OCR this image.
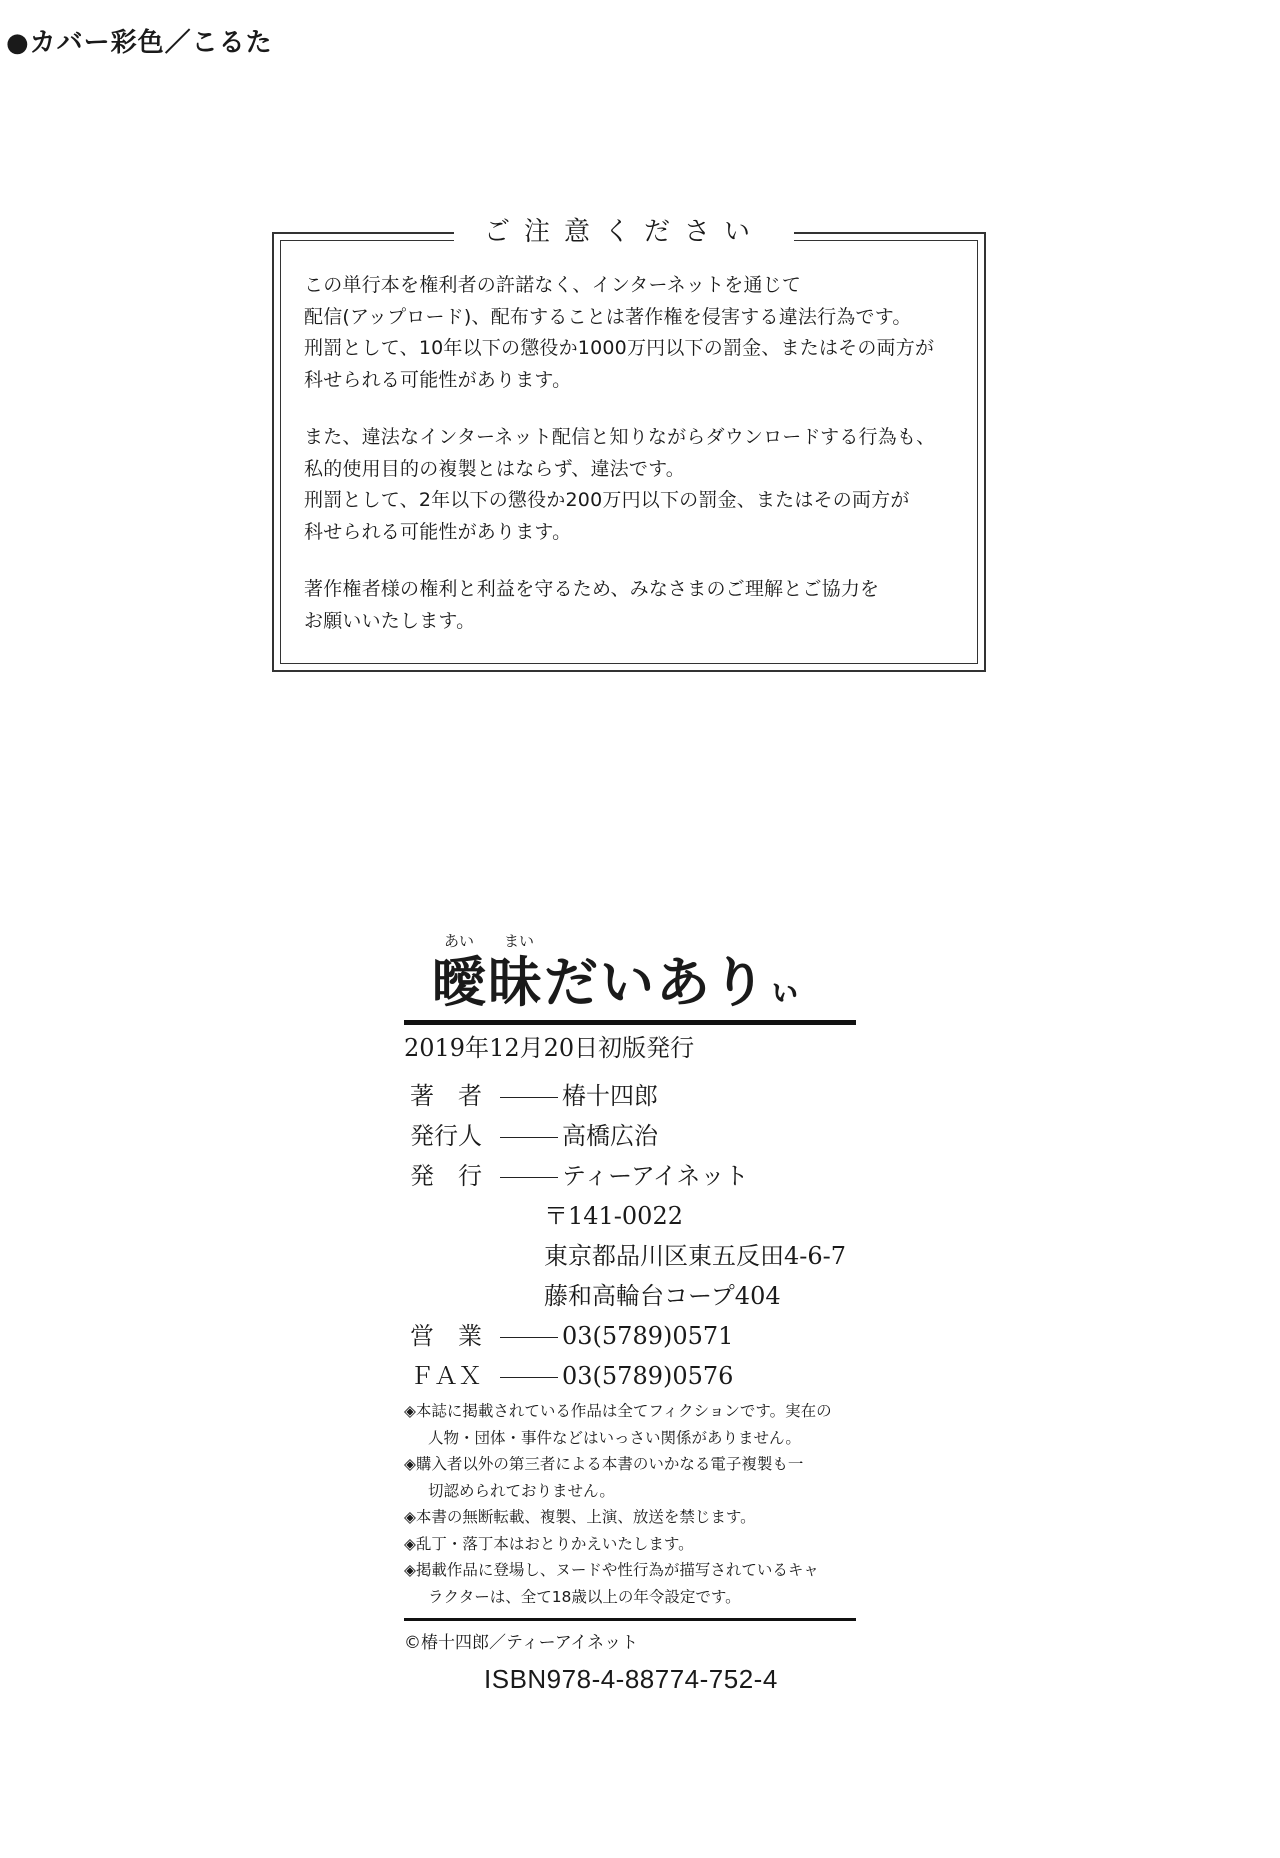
●カバー彩色／こるた
ご注意ください

この単行本を権利者の許諾なく、インターネットを通じて
配信(アップロード)、配布することは著作権を侵害する違法行為です。
刑罰として、10年以下の懲役か1000万円以下の罰金、またはその両方が
科せられる可能性があります。

また、違法なインターネット配信と知りながらダウンロードする行為も、
私的使用目的の複製とはならず、違法です。
刑罰として、2年以下の懲役か200万円以下の罰金、またはその両方が
科せられる可能性があります。

著作権者様の権利と利益を守るため、みなさまのご理解とご協力を
お願いいたします。

あい まい
曖昧だいありぃ
2019年12月20日初版発行
著　者	椿十四郎
発行人	高橋広治
発　行	ティーアイネット
〒141-0022
東京都品川区東五反田4-6-7
藤和高輪台コープ404
営　業	03(5789)0571
ＦＡＸ	03(5789)0576
◈本誌に掲載されている作品は全てフィクションです。実在の
人物・団体・事件などはいっさい関係がありません。
◈購入者以外の第三者による本書のいかなる電子複製も一
切認められておりません。
◈本書の無断転載、複製、上演、放送を禁じます。
◈乱丁・落丁本はおとりかえいたします。
◈掲載作品に登場し、ヌードや性行為が描写されているキャ
ラクターは、全て18歳以上の年令設定です。
©椿十四郎／ティーアイネット
ISBN978-4-88774-752-4
